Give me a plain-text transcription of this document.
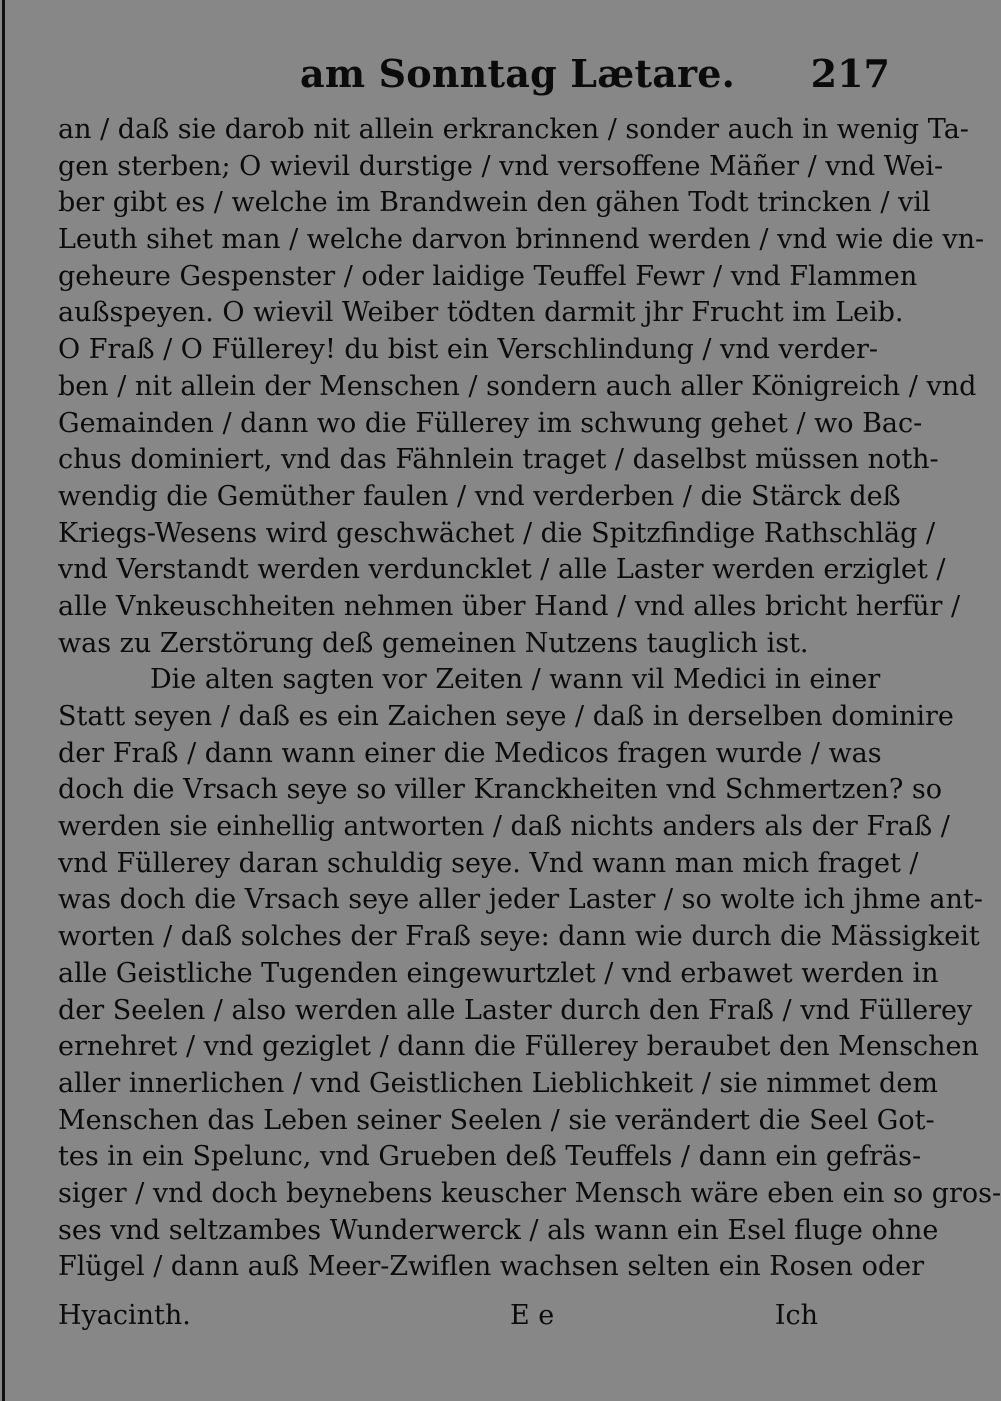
am Sonntag Lætare.	217
an / daß sie darob nit allein erkrancken / sonder auch in wenig Ta-
gen sterben; O wievil durstige / vnd versoffene Mäñer / vnd Wei-
ber gibt es / welche im Brandwein den gähen Todt trincken / vil
Leuth sihet man / welche darvon brinnend werden / vnd wie die vn-
geheure Gespenster / oder laidige Teuffel Fewr / vnd Flammen
außspeyen. O wievil Weiber tödten darmit jhr Frucht im Leib.
O Fraß / O Füllerey! du bist ein Verschlindung / vnd verder-
ben / nit allein der Menschen / sondern auch aller Königreich / vnd
Gemainden / dann wo die Füllerey im schwung gehet / wo Bac-
chus dominiert, vnd das Fähnlein traget / daselbst müssen noth-
wendig die Gemüther faulen / vnd verderben / die Stärck deß
Kriegs-Wesens wird geschwächet / die Spitzfindige Rathschläg /
vnd Verstandt werden verduncklet / alle Laster werden erziglet /
alle Vnkeuschheiten nehmen über Hand / vnd alles bricht herfür /
was zu Zerstörung deß gemeinen Nutzens tauglich ist.
Die alten sagten vor Zeiten / wann vil Medici in einer
Statt seyen / daß es ein Zaichen seye / daß in derselben dominire
der Fraß / dann wann einer die Medicos fragen wurde / was
doch die Vrsach seye so viller Kranckheiten vnd Schmertzen? so
werden sie einhellig antworten / daß nichts anders als der Fraß /
vnd Füllerey daran schuldig seye. Vnd wann man mich fraget /
was doch die Vrsach seye aller jeder Laster / so wolte ich jhme ant-
worten / daß solches der Fraß seye: dann wie durch die Mässigkeit
alle Geistliche Tugenden eingewurtzlet / vnd erbawet werden in
der Seelen / also werden alle Laster durch den Fraß / vnd Füllerey
ernehret / vnd geziglet / dann die Füllerey beraubet den Menschen
aller innerlichen / vnd Geistlichen Lieblichkeit / sie nimmet dem
Menschen das Leben seiner Seelen / sie verändert die Seel Got-
tes in ein Spelunc, vnd Grueben deß Teuffels / dann ein gefräs-
siger / vnd doch beynebens keuscher Mensch wäre eben ein so gros-
ses vnd seltzambes Wunderwerck / als wann ein Esel fluge ohne
Flügel / dann auß Meer-Zwiflen wachsen selten ein Rosen oder
Hyacinth.	E e	Ich
